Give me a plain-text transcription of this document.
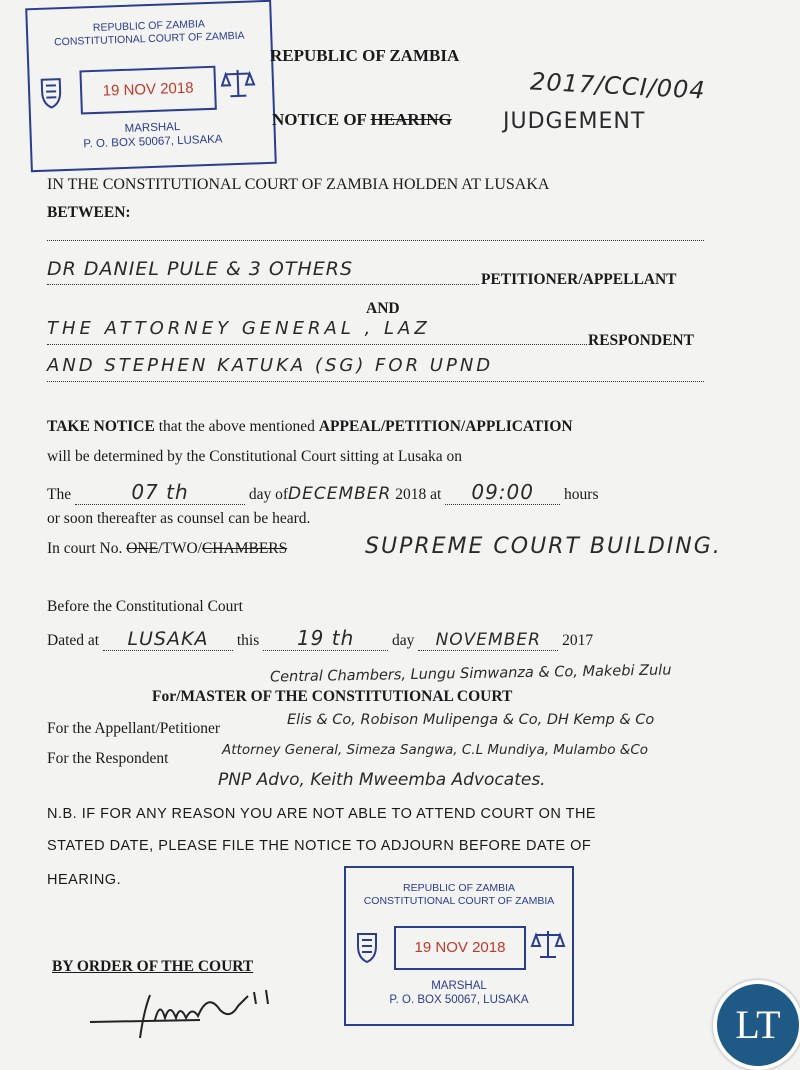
REPUBLIC OF ZAMBIA
CONSTITUTIONAL COURT OF ZAMBIA
19 NOV 2018
MARSHAL
P. O. BOX 50067, LUSAKA
REPUBLIC OF ZAMBIA
2017/CCI/004
NOTICE OF HEARING JUDGEMENT
IN THE CONSTITUTIONAL COURT OF ZAMBIA HOLDEN AT LUSAKA
BETWEEN:
DR DANIEL PULE & 3 OTHERS	PETITIONER/APPELLANT
AND
THE ATTORNEY GENERAL , LAZ
RESPONDENT
AND STEPHEN KATUKA (SG) FOR UPND
TAKE NOTICE that the above mentioned APPEAL/PETITION/APPLICATION
will be determined by the Constitutional Court sitting at Lusaka on
The	07 th	day ofDECEMBER 2018 at 09:00 hours
or soon thereafter as counsel can be heard.
In court No. ONE/TWO/CHAMBERS	SUPREME COURT BUILDING.
Before the Constitutional Court
Dated at LUSAKA this 19 th day NOVEMBER 2017
Central Chambers, Lungu Simwanza & Co, Makebi Zulu
For/MASTER OF THE CONSTITUTIONAL COURT
For the Appellant/Petitioner	Elis & Co, Robison Mulipenga & Co, DH Kemp & Co
For the Respondent	Attorney General, Simeza Sangwa, C.L Mundiya, Mulambo &Co
PNP Advo, Keith Mweemba Advocates.
N.B. IF FOR ANY REASON YOU ARE NOT ABLE TO ATTEND COURT ON THE
STATED DATE, PLEASE FILE THE NOTICE TO ADJOURN BEFORE DATE OF
HEARING.	REPUBLIC OF ZAMBIA
CONSTITUTIONAL COURT OF ZAMBIA
19 NOV 2018
MARSHAL
P. O. BOX 50067, LUSAKA
BY ORDER OF THE COURT
LT
